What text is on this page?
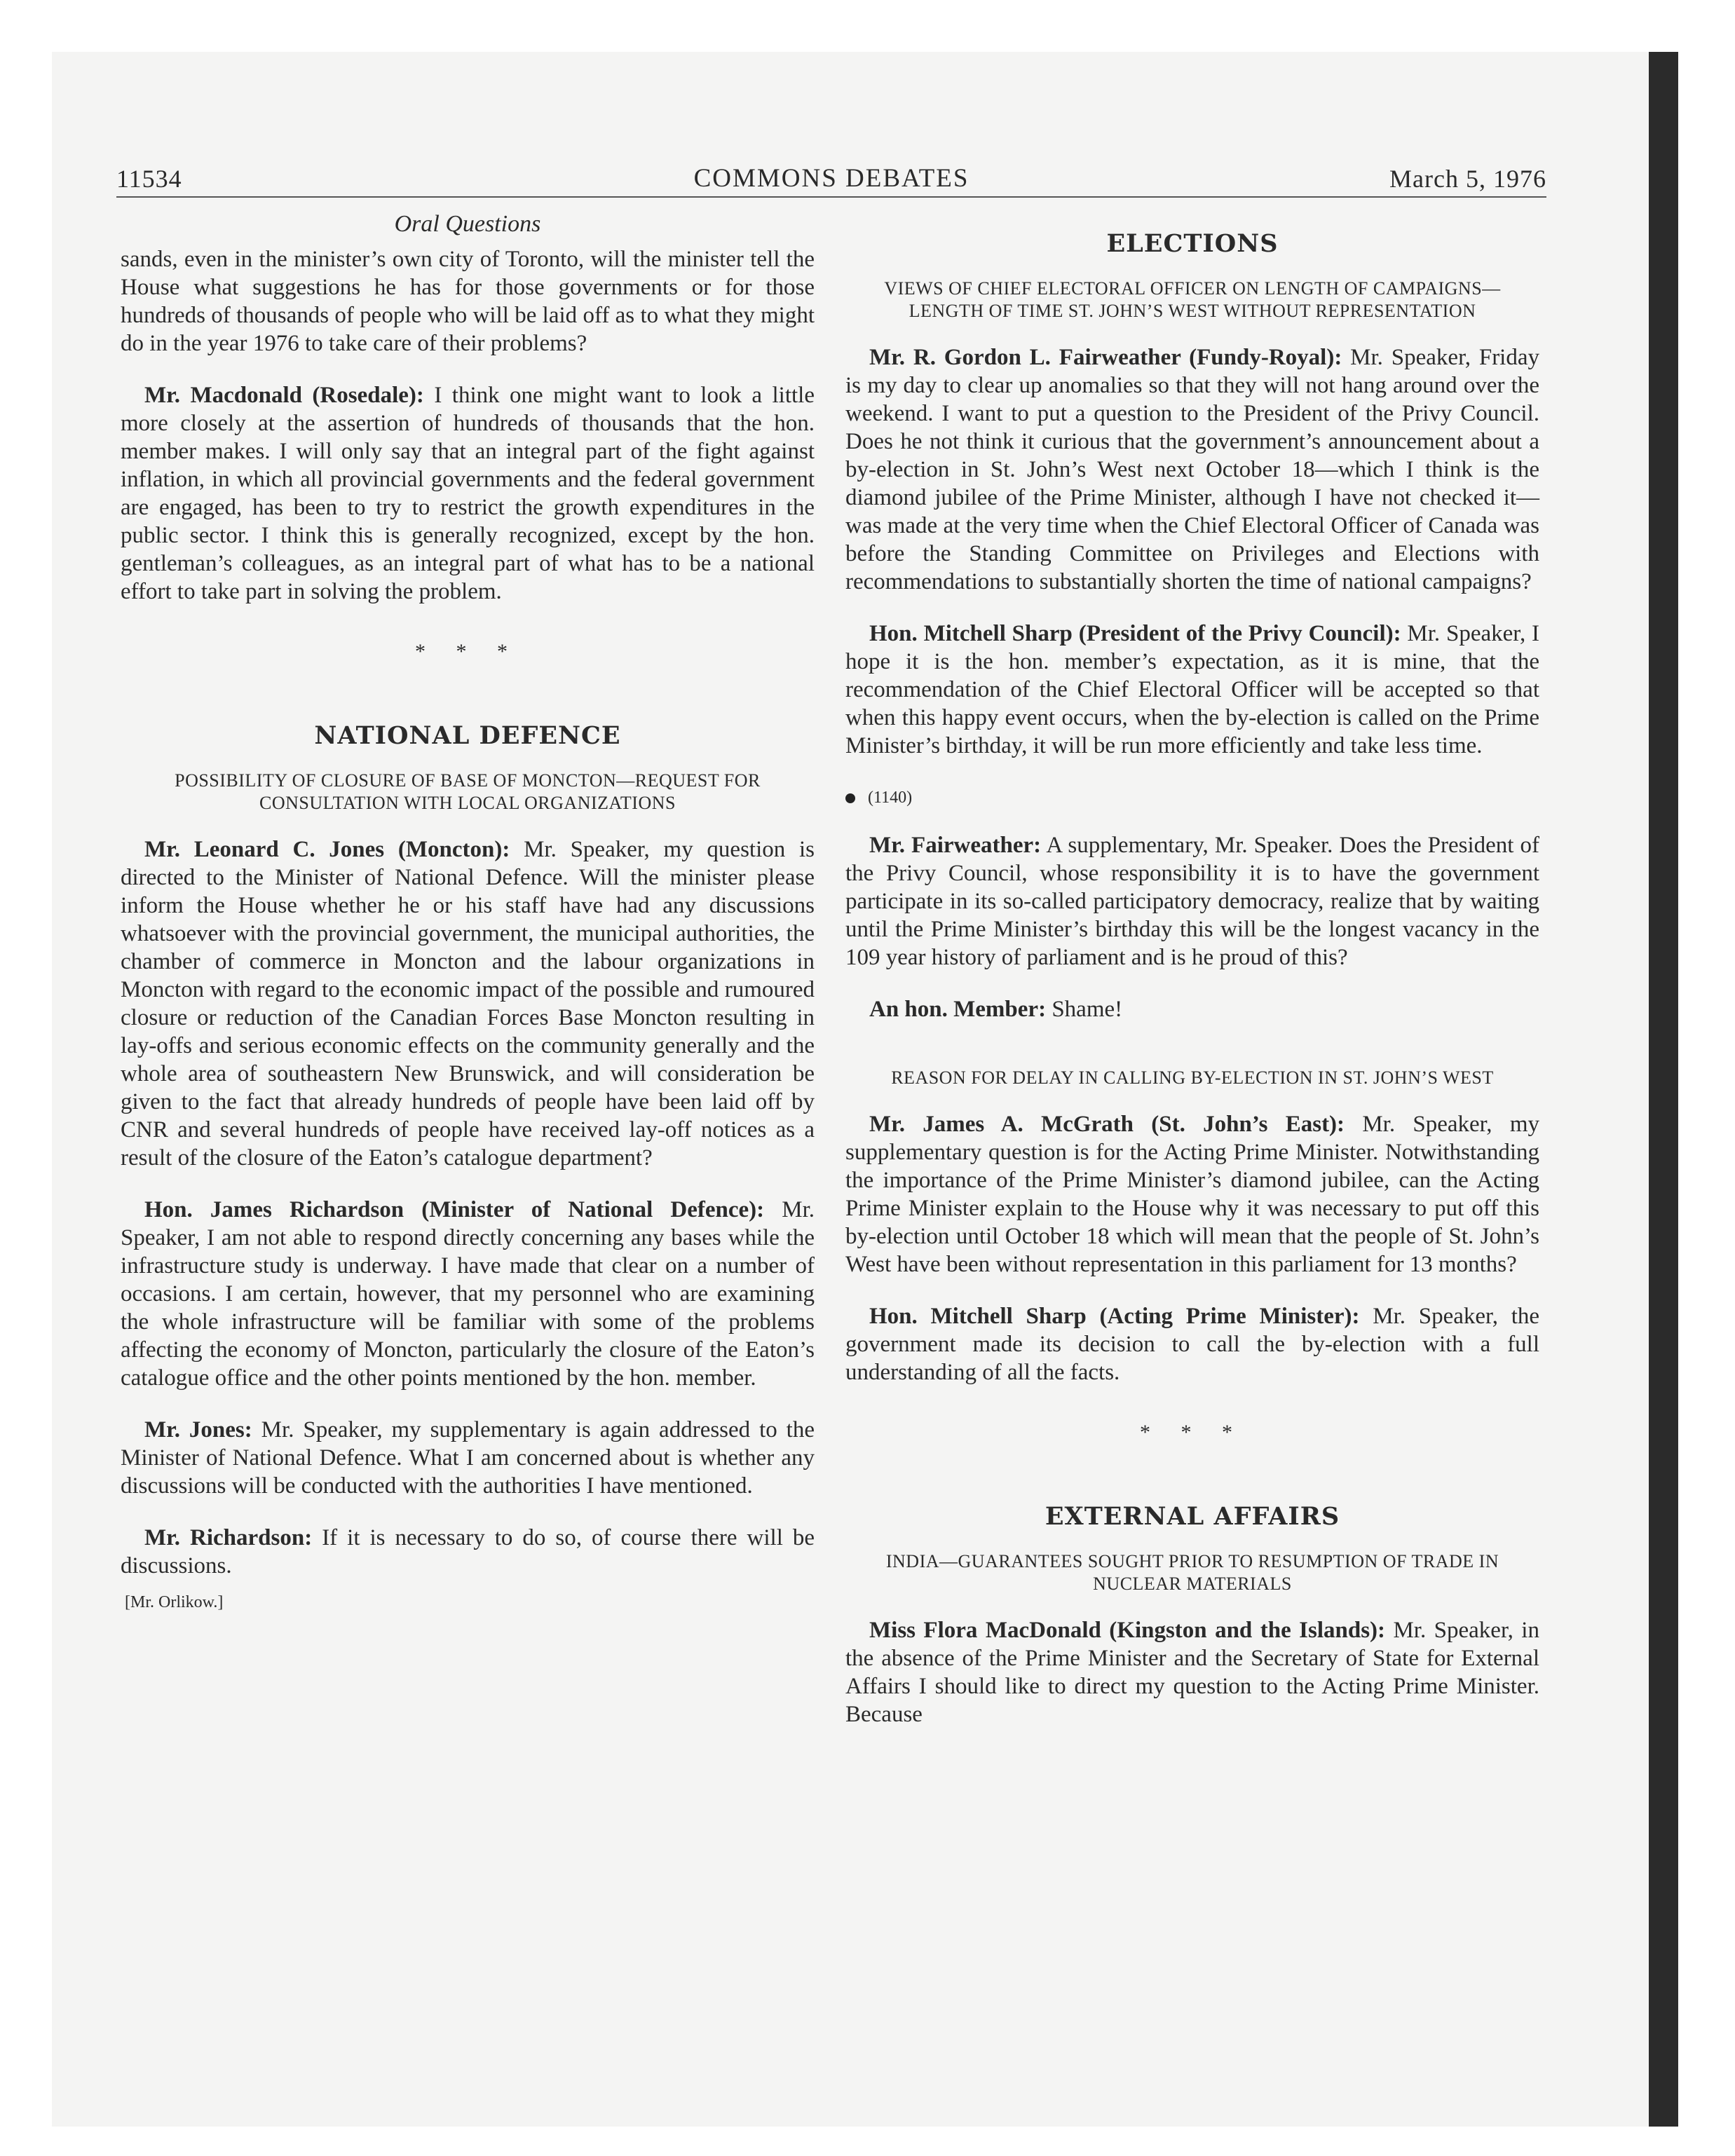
11534	COMMONS DEBATES	March 5, 1976
Oral Questions

sands, even in the minister’s own city of Toronto, will the minister tell the House what suggestions he has for those governments or for those hundreds of thousands of people who will be laid off as to what they might do in the year 1976 to take care of their problems?

Mr. Macdonald (Rosedale): I think one might want to look a little more closely at the assertion of hundreds of thousands that the hon. member makes. I will only say that an integral part of the fight against inflation, in which all provincial governments and the federal government are engaged, has been to try to restrict the growth expenditures in the public sector. I think this is generally recognized, except by the hon. gentleman’s colleagues, as an integral part of what has to be a national effort to take part in solving the problem.

* * *
NATIONAL DEFENCE
POSSIBILITY OF CLOSURE OF BASE OF MONCTON—REQUEST FOR CONSULTATION WITH LOCAL ORGANIZATIONS

Mr. Leonard C. Jones (Moncton): Mr. Speaker, my question is directed to the Minister of National Defence. Will the minister please inform the House whether he or his staff have had any discussions whatsoever with the provincial government, the municipal authorities, the chamber of commerce in Moncton and the labour organizations in Moncton with regard to the economic impact of the possible and rumoured closure or reduction of the Canadian Forces Base Moncton resulting in lay-offs and serious economic effects on the community generally and the whole area of southeastern New Brunswick, and will consideration be given to the fact that already hundreds of people have been laid off by CNR and several hundreds of people have received lay-off notices as a result of the closure of the Eaton’s catalogue department?

Hon. James Richardson (Minister of National Defence): Mr. Speaker, I am not able to respond directly concerning any bases while the infrastructure study is underway. I have made that clear on a number of occasions. I am certain, however, that my personnel who are examining the whole infrastructure will be familiar with some of the problems affecting the economy of Moncton, particularly the closure of the Eaton’s catalogue office and the other points mentioned by the hon. member.

Mr. Jones: Mr. Speaker, my supplementary is again addressed to the Minister of National Defence. What I am concerned about is whether any discussions will be conducted with the authorities I have mentioned.

Mr. Richardson: If it is necessary to do so, of course there will be discussions.

[Mr. Orlikow.]
ELECTIONS
VIEWS OF CHIEF ELECTORAL OFFICER ON LENGTH OF CAMPAIGNS—LENGTH OF TIME ST. JOHN’S WEST WITHOUT REPRESENTATION

Mr. R. Gordon L. Fairweather (Fundy-Royal): Mr. Speaker, Friday is my day to clear up anomalies so that they will not hang around over the weekend. I want to put a question to the President of the Privy Council. Does he not think it curious that the government’s announcement about a by-election in St. John’s West next October 18—which I think is the diamond jubilee of the Prime Minister, although I have not checked it—was made at the very time when the Chief Electoral Officer of Canada was before the Standing Committee on Privileges and Elections with recommendations to substantially shorten the time of national campaigns?

Hon. Mitchell Sharp (President of the Privy Council): Mr. Speaker, I hope it is the hon. member’s expectation, as it is mine, that the recommendation of the Chief Electoral Officer will be accepted so that when this happy event occurs, when the by-election is called on the Prime Minister’s birthday, it will be run more efficiently and take less time.

(1140)

Mr. Fairweather: A supplementary, Mr. Speaker. Does the President of the Privy Council, whose responsibility it is to have the government participate in its so-called participatory democracy, realize that by waiting until the Prime Minister’s birthday this will be the longest vacancy in the 109 year history of parliament and is he proud of this?

An hon. Member: Shame!

REASON FOR DELAY IN CALLING BY-ELECTION IN ST. JOHN’S WEST

Mr. James A. McGrath (St. John’s East): Mr. Speaker, my supplementary question is for the Acting Prime Minister. Notwithstanding the importance of the Prime Minister’s diamond jubilee, can the Acting Prime Minister explain to the House why it was necessary to put off this by-election until October 18 which will mean that the people of St. John’s West have been without representation in this parliament for 13 months?

Hon. Mitchell Sharp (Acting Prime Minister): Mr. Speaker, the government made its decision to call the by-election with a full understanding of all the facts.

* * *
EXTERNAL AFFAIRS
INDIA—GUARANTEES SOUGHT PRIOR TO RESUMPTION OF TRADE IN NUCLEAR MATERIALS

Miss Flora MacDonald (Kingston and the Islands): Mr. Speaker, in the absence of the Prime Minister and the Secretary of State for External Affairs I should like to direct my question to the Acting Prime Minister. Because
